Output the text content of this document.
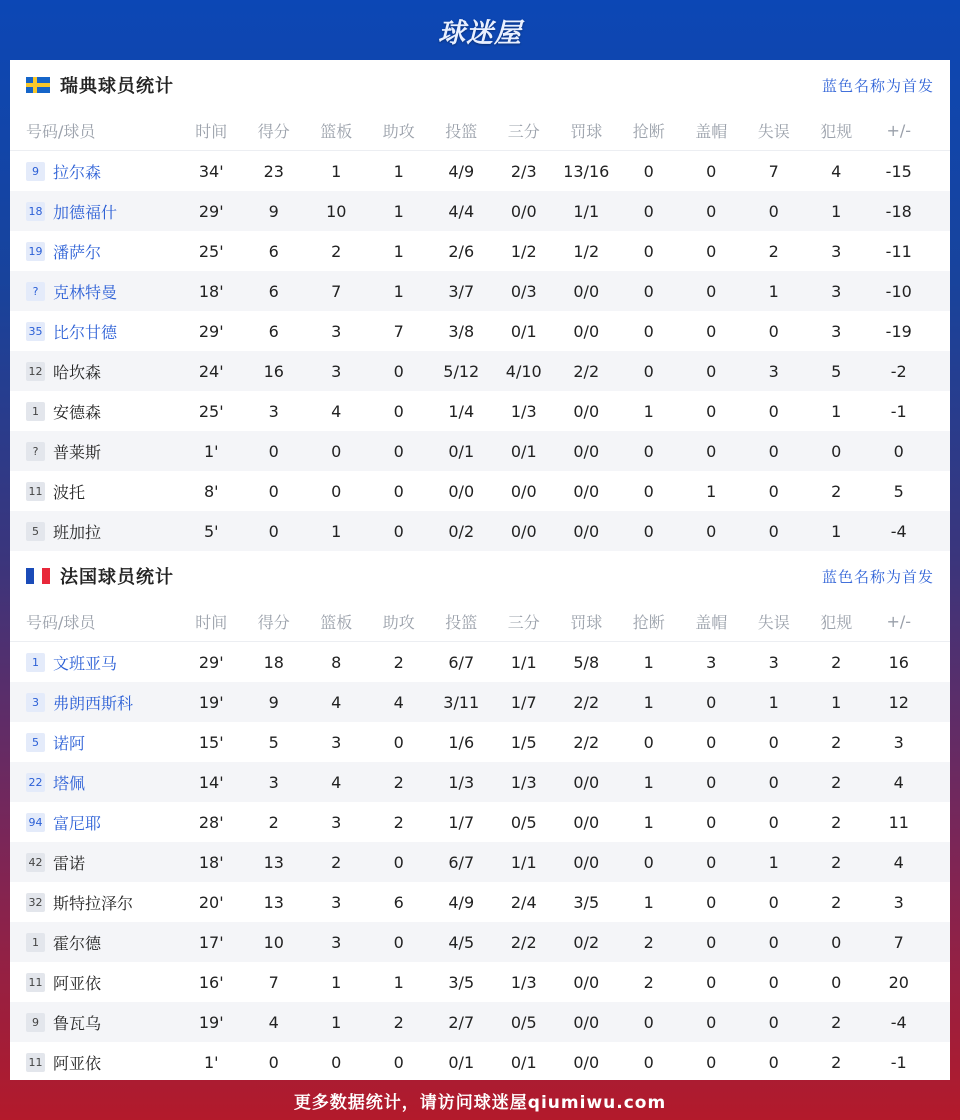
球迷屋
瑞典球员统计	蓝色名称为首发
号码/球员	时间	得分	篮板	助攻	投篮	三分	罚球	抢断	盖帽	失误	犯规	+/-
9 拉尔森	34'	23	1	1	4/9	2/3	13/16	0	0	7	4	-15
18 加德福什	29'	9	10	1	4/4	0/0	1/1	0	0	0	1	-18
19 潘萨尔	25'	6	2	1	2/6	1/2	1/2	0	0	2	3	-11
? 克林特曼	18'	6	7	1	3/7	0/3	0/0	0	0	1	3	-10
35 比尔甘德	29'	6	3	7	3/8	0/1	0/0	0	0	0	3	-19
12 哈坎森	24'	16	3	0	5/12	4/10	2/2	0	0	3	5	-2
1 安德森	25'	3	4	0	1/4	1/3	0/0	1	0	0	1	-1
? 普莱斯	1'	0	0	0	0/1	0/1	0/0	0	0	0	0	0
11 波托	8'	0	0	0	0/0	0/0	0/0	0	1	0	2	5
5 班加拉	5'	0	1	0	0/2	0/0	0/0	0	0	0	1	-4
法国球员统计	蓝色名称为首发
号码/球员	时间	得分	篮板	助攻	投篮	三分	罚球	抢断	盖帽	失误	犯规	+/-
1 文班亚马	29'	18	8	2	6/7	1/1	5/8	1	3	3	2	16
3 弗朗西斯科	19'	9	4	4	3/11	1/7	2/2	1	0	1	1	12
5 诺阿	15'	5	3	0	1/6	1/5	2/2	0	0	0	2	3
22 塔佩	14'	3	4	2	1/3	1/3	0/0	1	0	0	2	4
94 富尼耶	28'	2	3	2	1/7	0/5	0/0	1	0	0	2	11
42 雷诺	18'	13	2	0	6/7	1/1	0/0	0	0	1	2	4
32 斯特拉泽尔	20'	13	3	6	4/9	2/4	3/5	1	0	0	2	3
1 霍尔德	17'	10	3	0	4/5	2/2	0/2	2	0	0	0	7
11 阿亚依	16'	7	1	1	3/5	1/3	0/0	2	0	0	0	20
9 鲁瓦乌	19'	4	1	2	2/7	0/5	0/0	0	0	0	2	-4
11 阿亚依	1'	0	0	0	0/1	0/1	0/0	0	0	0	2	-1
更多数据统计，请访问球迷屋qiumiwu.com
